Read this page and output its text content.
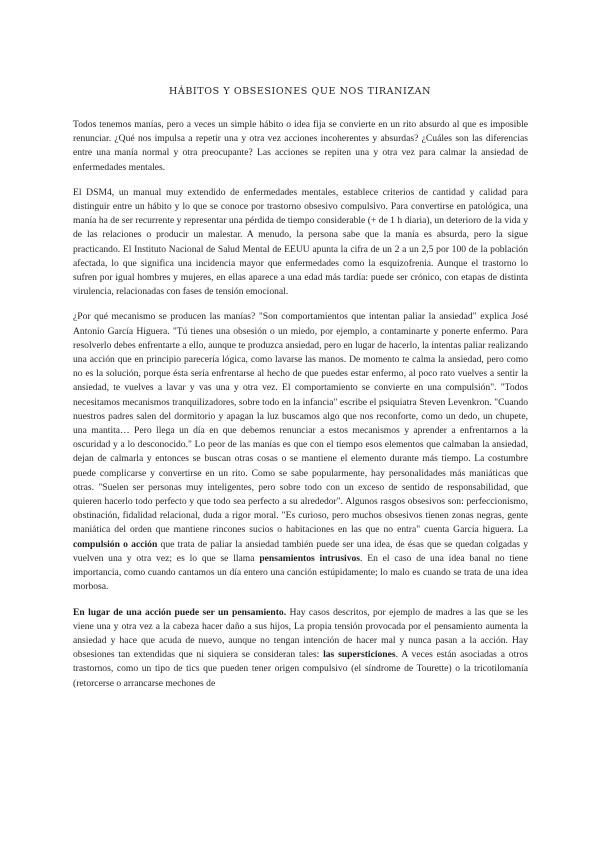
HÁBITOS Y OBSESIONES QUE NOS TIRANIZAN

Todos tenemos manías, pero a veces un simple hábito o idea fija se convierte en un rito absurdo al que es imposible renunciar. ¿Qué nos impulsa a repetir una y otra vez acciones incoherentes y absurdas? ¿Cuáles son las diferencias entre una manía normal y otra preocupante? Las acciones se repiten una y otra vez para calmar la ansiedad de enfermedades mentales.

El DSM4, un manual muy extendido de enfermedades mentales, establece criterios de cantidad y calidad para distinguir entre un hábito y lo que se conoce por trastorno obsesivo compulsivo. Para convertirse en patológica, una manía ha de ser recurrente y representar una pérdida de tiempo considerable (+ de 1 h diaria), un deterioro de la vida y de las relaciones o producir un malestar. A menudo, la persona sabe que la manía es absurda, pero la sigue practicando. El Instituto Nacional de Salud Mental de EEUU apunta la cifra de un 2 a un 2,5 por 100 de la población afectada, lo que significa una incidencia mayor que enfermedades como la esquizofrenia. Aunque el trastorno lo sufren por igual hombres y mujeres, en ellas aparece a una edad más tardía: puede ser crónico, con etapas de distinta virulencia, relacionadas con fases de tensión emocional.

¿Por qué mecanismo se producen las manías? "Son comportamientos que intentan paliar la ansiedad" explica José Antonio García Higuera. "Tú tienes una obsesión o un miedo, por ejemplo, a contaminarte y ponerte enfermo. Para resolverlo debes enfrentarte a ello, aunque te produzca ansiedad, pero en lugar de hacerlo, la intentas paliar realizando una acción que en principio parecería lógica, como lavarse las manos. De momento te calma la ansiedad, pero como no es la solución, porque ésta sería enfrentarse al hecho de que puedes estar enfermo, al poco rato vuelves a sentir la ansiedad, te vuelves a lavar y vas una y otra vez. El comportamiento se convierte en una compulsión". "Todos necesitamos mecanismos tranquilizadores, sobre todo en la infancia" escribe el psiquiatra Steven Levenkron. "Cuando nuestros padres salen del dormitorio y apagan la luz buscamos algo que nos reconforte, como un dedo, un chupete, una mantita… Pero llega un día en que debemos renunciar a estos mecanismos y aprender a enfrentarnos a la oscuridad y a lo desconocido." Lo peor de las manías es que con el tiempo esos elementos que calmaban la ansiedad, dejan de calmarla y entonces se buscan otras cosas o se mantiene el elemento durante más tiempo. La costumbre puede complicarse y convertirse en un rito. Como se sabe popularmente, hay personalidades más maniáticas que otras. "Suelen ser personas muy inteligentes, pero sobre todo con un exceso de sentido de responsabilidad, que quieren hacerlo todo perfecto y que todo sea perfecto a su alrededor". Algunos rasgos obsesivos son: perfeccionismo, obstinación, fidalidad relacional, duda a rigor moral. "Es curioso, pero muchos obsesivos tienen zonas negras, gente maniática del orden que mantiene rincones sucios o habitaciones en las que no entra" cuenta García higuera. La compulsión o acción que trata de paliar la ansiedad también puede ser una idea, de ésas que se quedan colgadas y vuelven una y otra vez; es lo que se llama pensamientos intrusivos. En el caso de una idea banal no tiene importancia, como cuando cantamos un día entero una canción estúpidamente; lo malo es cuando se trata de una idea morbosa.

En lugar de una acción puede ser un pensamiento. Hay casos descritos, por ejemplo de madres a las que se les viene una y otra vez a la cabeza hacer daño a sus hijos, La propia tensión provocada por el pensamiento aumenta la ansiedad y hace que acuda de nuevo, aunque no tengan intención de hacer mal y nunca pasan a la acción. Hay obsesiones tan extendidas que ni siquiera se consideran tales: las supersticiones. A veces están asociadas a otros trastornos, como un tipo de tics que pueden tener origen compulsivo (el síndrome de Tourette) o la tricotilomanía (retorcerse o arrancarse mechones de
